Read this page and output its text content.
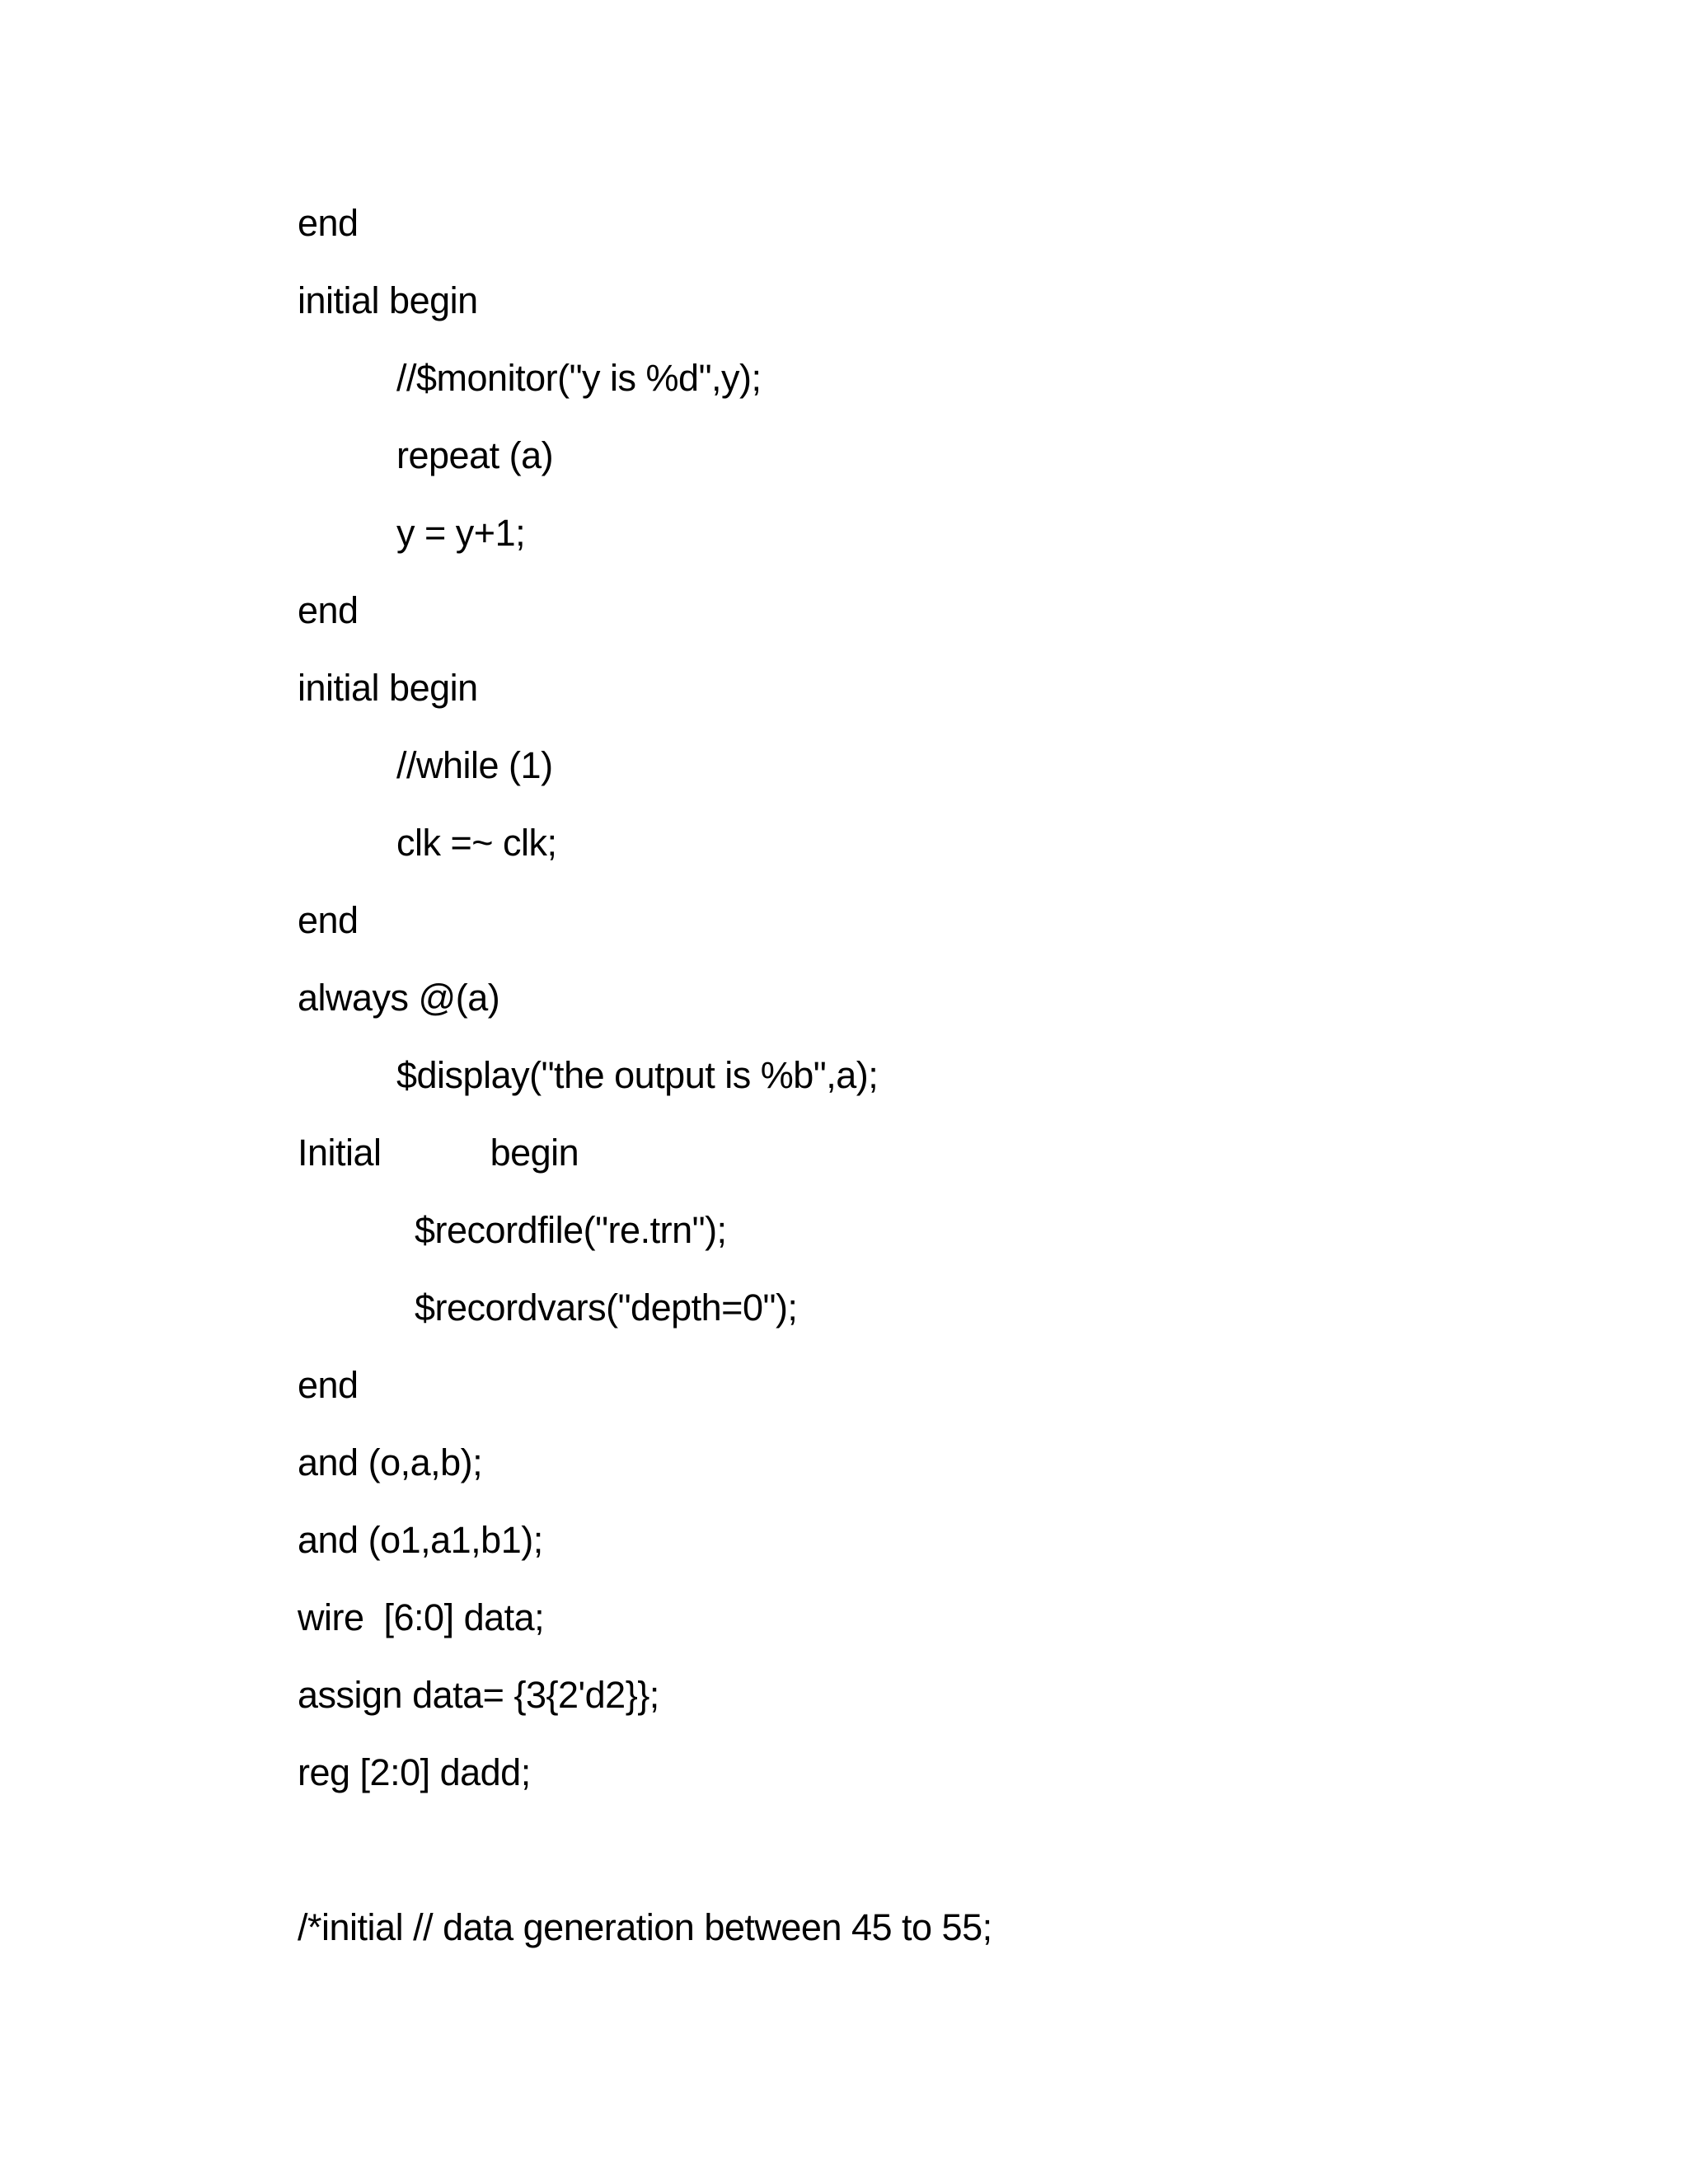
end
initial begin
//$monitor("y is %d",y);
repeat (a)
y = y+1;
end
initial begin
//while (1)
clk =~ clk;
end
always @(a)
$display("the output is %b",a);
Initial           begin
$recordfile("re.trn");
$recordvars("depth=0");
end
and (o,a,b);
and (o1,a1,b1);
wire  [6:0] data;
assign data= {3{2'd2}};
reg [2:0] dadd;
/*initial // data generation between 45 to 55;
